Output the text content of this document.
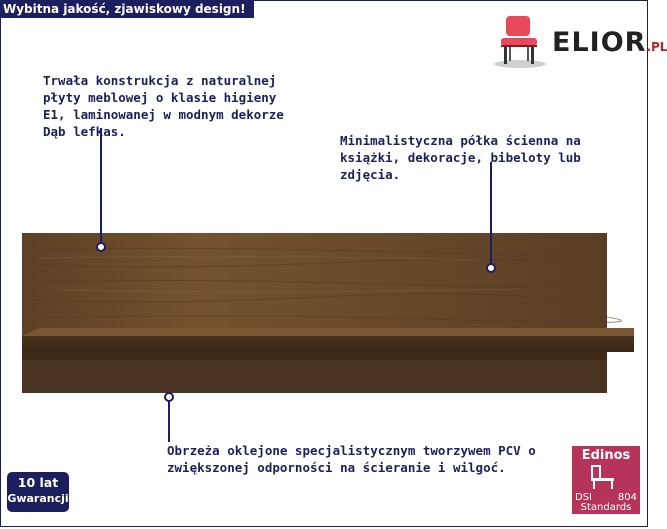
Wybitna jakość, zjawiskowy design!
ELIOR.PL
Trwała konstrukcja z naturalnej płyty meblowej o klasie higieny E1, laminowanej w modnym dekorze Dąb lefkas.
Minimalistyczna półka ścienna na książki, dekoracje, bibeloty lub zdjęcia.
Obrzeża oklejone specjalistycznym tworzywem PCV o zwiększonej odporności na ścieranie i wilgoć.
10 lat
Gwarancji
Edinos
DSI	804
Standards
